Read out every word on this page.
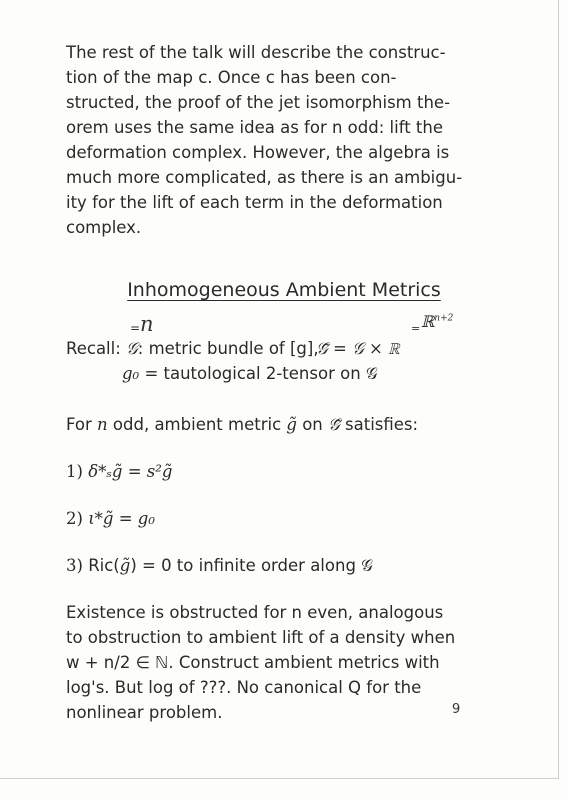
The rest of the talk will describe the construc-
tion of the map c. Once c has been con-
structed, the proof of the jet isomorphism the-
orem uses the same idea as for n odd: lift the
deformation complex. However, the algebra is
much more complicated, as there is an ambigu-
ity for the lift of each term in the deformation
complex.
Inhomogeneous Ambient Metrics
= n
=	ℝ$^{n+2}$
Recall: 𝒢: metric bundle of [g],
𝒢̃ = 𝒢 × ℝ
g₀ = tautological 2-tensor on 𝒢
For n odd, ambient metric g̃ on 𝒢̃ satisfies:
1) δ*ₛg̃ = s²g̃
2) ι*g̃ = g₀
3) Ric(g̃) = 0 to infinite order along 𝒢
Existence is obstructed for n even, analogous
to obstruction to ambient lift of a density when
w + n/2 ∈ ℕ. Construct ambient metrics with
log's. But log of ???. No canonical Q for the
nonlinear problem.	9
